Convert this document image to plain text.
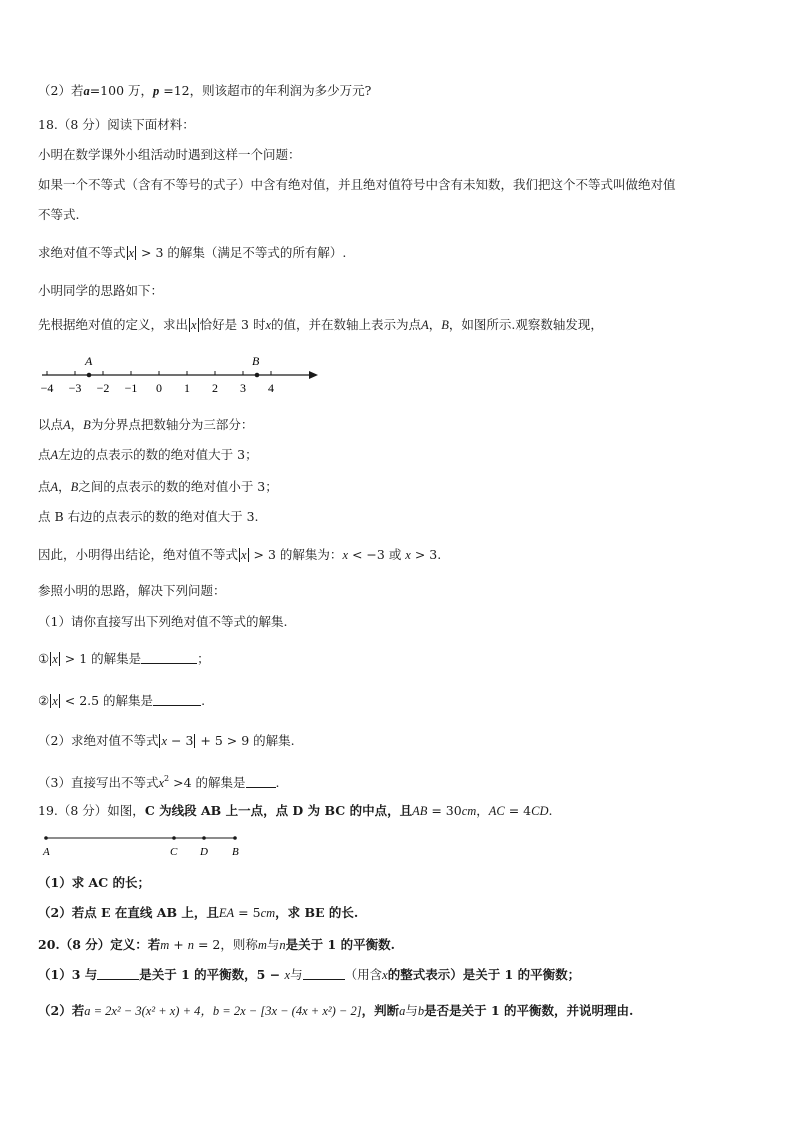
（2）若a=100 万，p =12，则该超市的年利润为多少万元?
18.（8 分）阅读下面材料：
小明在数学课外小组活动时遇到这样一个问题：
如果一个不等式（含有不等号的式子）中含有绝对值，并且绝对值符号中含有未知数，我们把这个不等式叫做绝对值
不等式.
求绝对值不等式 x > 3 的解集（满足不等式的所有解）.
小明同学的思路如下：
先根据绝对值的定义，求出 x 恰好是 3 时x的值，并在数轴上表示为点A，B，如图所示.观察数轴发现，
−4 −3 −2 −1 0 1 2 3 4
A	B
以点A，B为分界点把数轴分为三部分：
点A左边的点表示的数的绝对值大于 3；
点A，B之间的点表示的数的绝对值小于 3；
点 B 右边的点表示的数的绝对值大于 3.
因此，小明得出结论，绝对值不等式 x > 3 的解集为：x < −3 或 x > 3.
参照小明的思路，解决下列问题：
（1）请你直接写出下列绝对值不等式的解集.
① x > 1 的解集是	；
② x < 2.5 的解集是	.
（2）求绝对值不等式 x − 3 + 5 > 9 的解集.
（3）直接写出不等式$x^2 >4$ 的解集是 .
19.（8 分）如图，C 为线段 AB 上一点，点 D 为 BC 的中点，且AB = 30cm，AC = 4CD.
A	C D B
（1）求 AC 的长；
（2）若点 E 在直线 AB 上，且EA = 5cm，求 BE 的长.
20.（8 分）定义：若m + n = 2，则称m与n是关于 1 的平衡数.
（1）3 与	是关于 1 的平衡数，5 − x与	（用含x的整式表示）是关于 1 的平衡数；
（2）若a = 2x² − 3(x² + x) + 4，b = 2x − [3x − (4x + x²) − 2]，判断a与b是否是关于 1 的平衡数，并说明理由.
